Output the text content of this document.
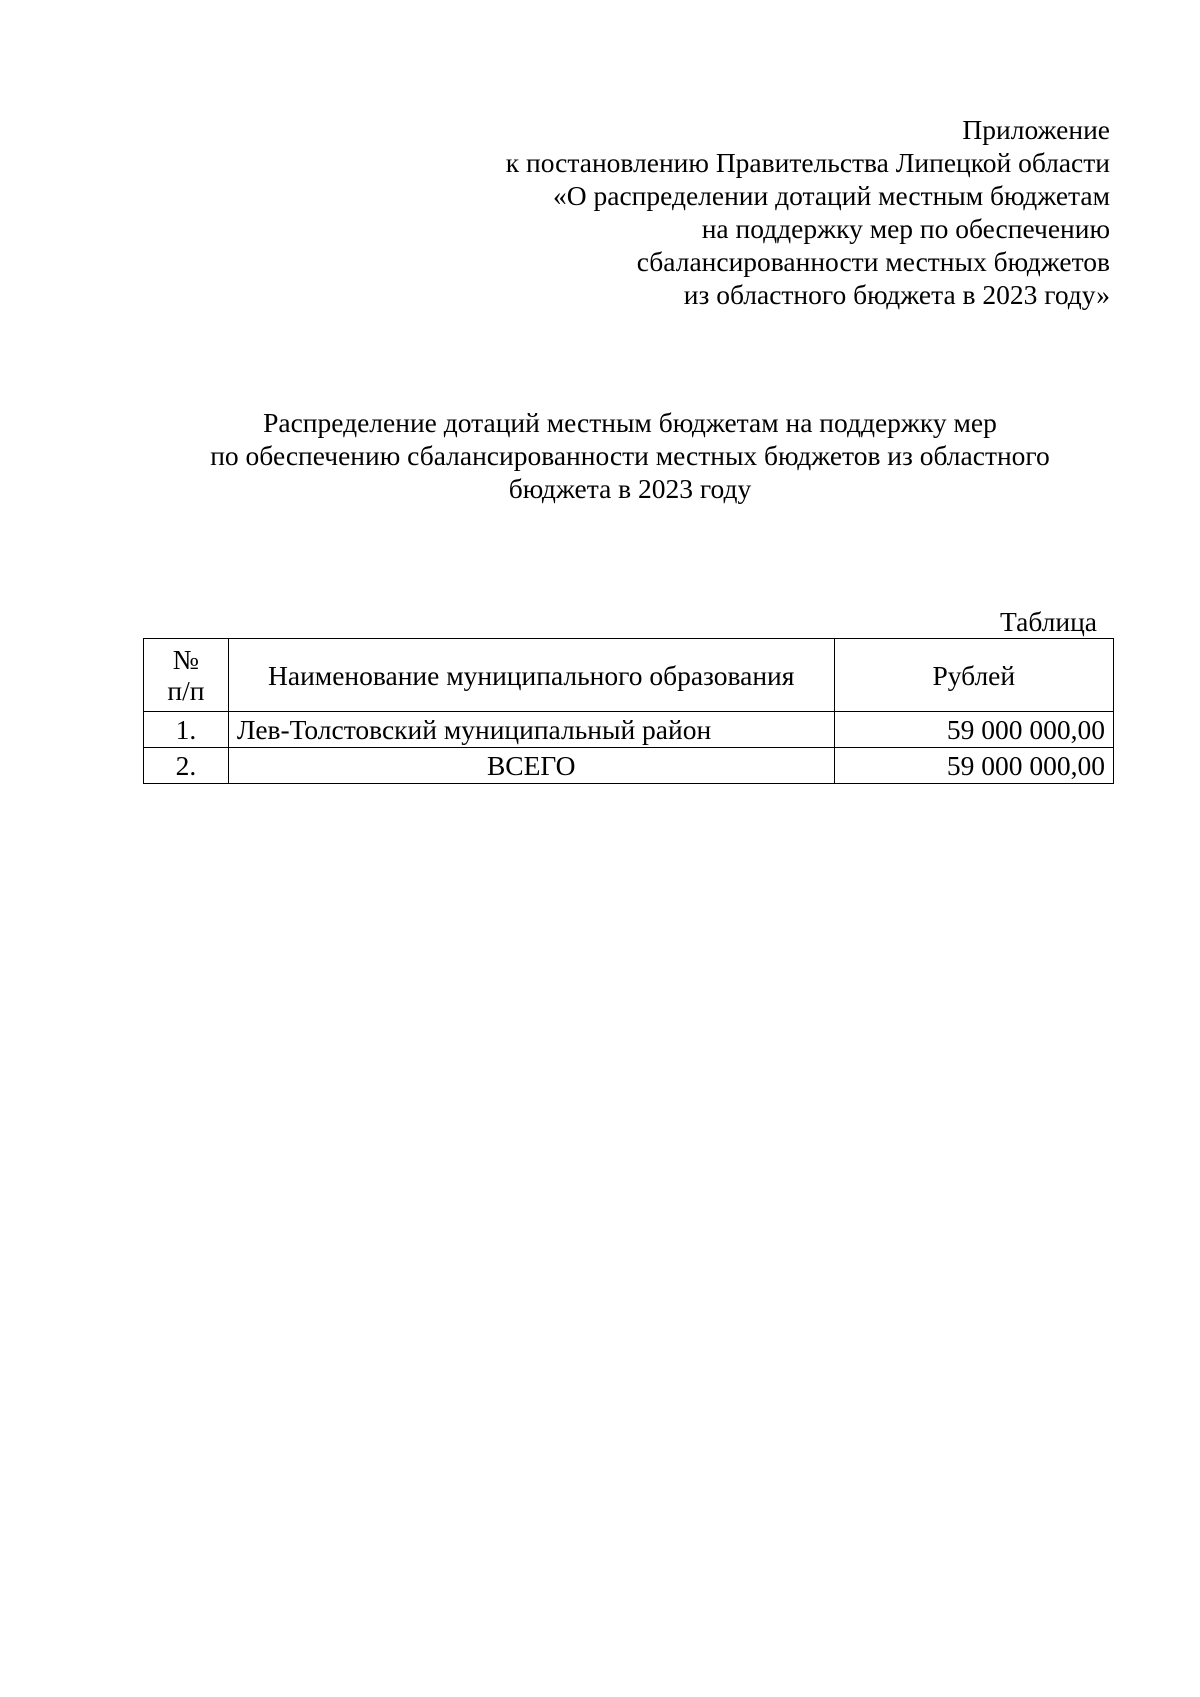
Приложение
к постановлению Правительства Липецкой области
«О распределении дотаций местным бюджетам
на поддержку мер по обеспечению
сбалансированности местных бюджетов
из областного бюджета в 2023 году»
Распределение дотаций местным бюджетам на поддержку мер
по обеспечению сбалансированности местных бюджетов из областного
бюджета в 2023 году
Таблица
№
п/п	Наименование муниципального образования	Рублей
1.	Лев-Толстовский муниципальный район	59 000 000,00
2.	ВСЕГО	59 000 000,00
